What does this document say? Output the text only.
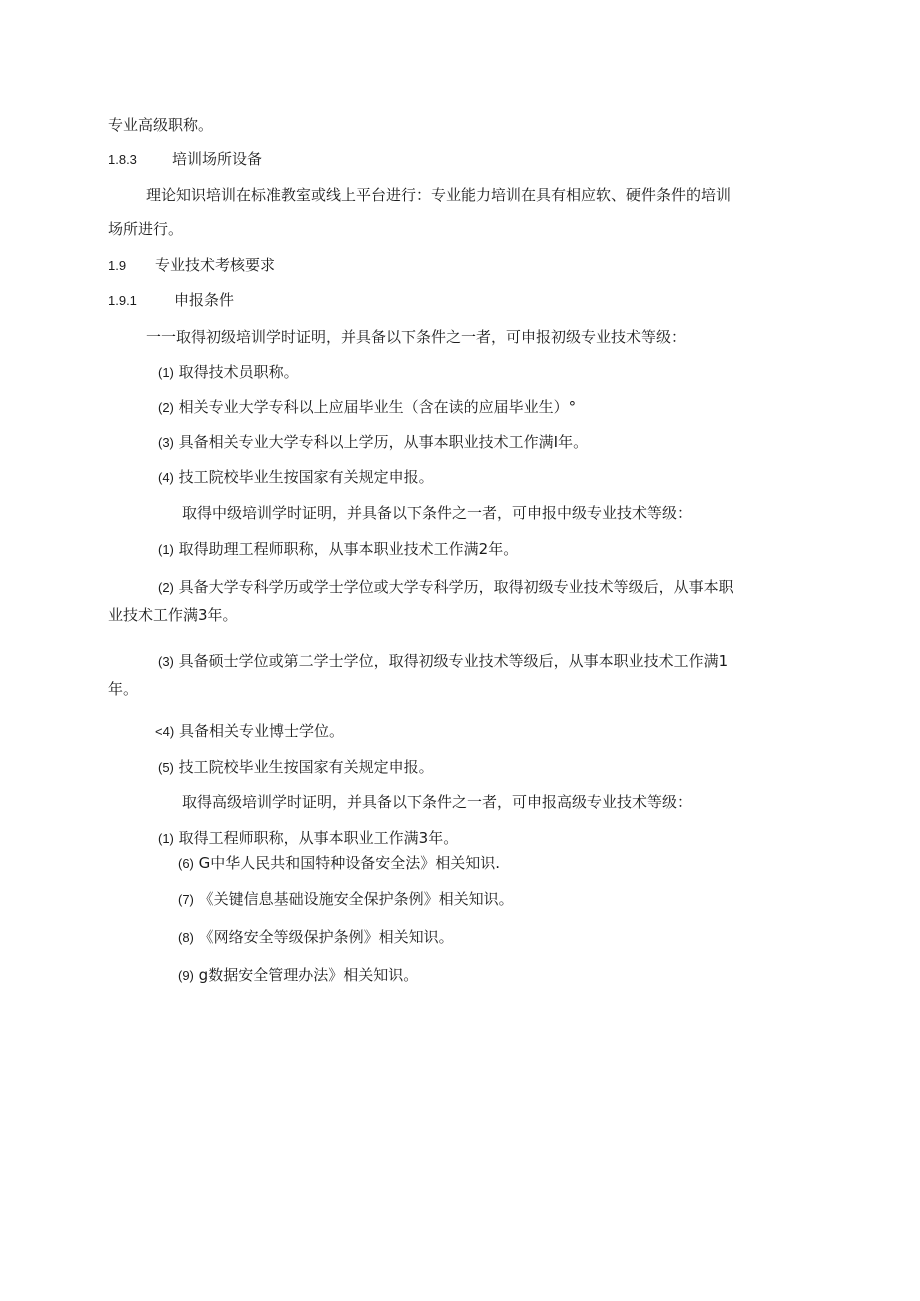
专业高级职称。
1.8.3 培训场所设备
理论知识培训在标准教室或线上平台进行：专业能力培训在具有相应软、硬件条件的培训
场所进行。
1.9 专业技术考核要求
1.9.1 申报条件
一一取得初级培训学时证明，并具备以下条件之一者，可申报初级专业技术等级：
(1) 取得技术员职称。
(2) 相关专业大学专科以上应届毕业生（含在读的应届毕业生）°
(3) 具备相关专业大学专科以上学历，从事本职业技术工作满I年。
(4) 技工院校毕业生按国家有关规定申报。
取得中级培训学时证明，并具备以下条件之一者，可申报中级专业技术等级：
(1) 取得助理工程师职称，从事本职业技术工作满2年。
(2) 具备大学专科学历或学士学位或大学专科学历，取得初级专业技术等级后，从事本职
业技术工作满3年。
(3) 具备硕士学位或第二学士学位，取得初级专业技术等级后，从事本职业技术工作满1
年。
<4) 具备相关专业博士学位。
(5) 技工院校毕业生按国家有关规定申报。
取得高级培训学时证明，并具备以下条件之一者，可申报高级专业技术等级：
(1) 取得工程师职称，从事本职业工作满3年。
(6) G中华人民共和国特种设备安全法》相关知识.
(7) 《关键信息基础设施安全保护条例》相关知识。
(8) 《网络安全等级保护条例》相关知识。
(9) g数据安全管理办法》相关知识。
